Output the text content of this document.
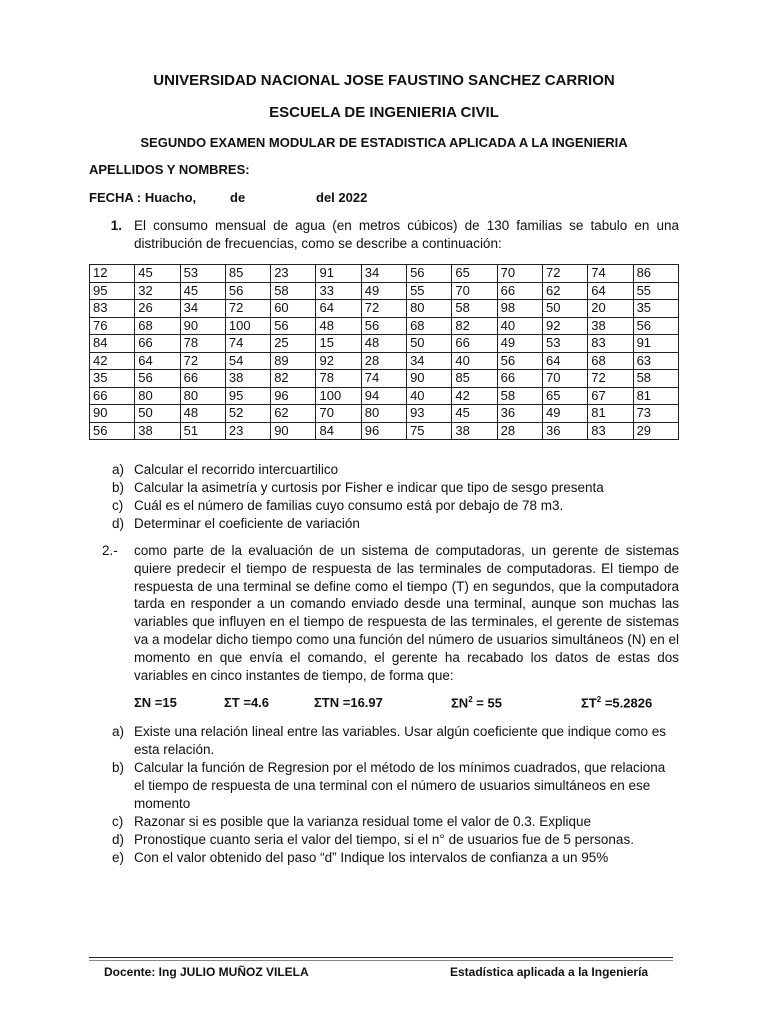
UNIVERSIDAD NACIONAL JOSE FAUSTINO SANCHEZ CARRION
ESCUELA DE INGENIERIA CIVIL
SEGUNDO EXAMEN MODULAR DE ESTADISTICA APLICADA A LA INGENIERIA
APELLIDOS Y NOMBRES:
FECHA : Huacho,	de	del 2022
1. El consumo mensual de agua (en metros cúbicos) de 130 familias se tabulo en una distribución de frecuencias, como se describe a continuación:
12	45	53	85	23	91	34	56	65	70	72	74	86
95	32	45	56	58	33	49	55	70	66	62	64	55
83	26	34	72	60	64	72	80	58	98	50	20	35
76	68	90	100	56	48	56	68	82	40	92	38	56
84	66	78	74	25	15	48	50	66	49	53	83	91
42	64	72	54	89	92	28	34	40	56	64	68	63
35	56	66	38	82	78	74	90	85	66	70	72	58
66	80	80	95	96	100	94	40	42	58	65	67	81
90	50	48	52	62	70	80	93	45	36	49	81	73
56	38	51	23	90	84	96	75	38	28	36	83	29
a) Calcular el recorrido intercuartilico
b) Calcular la asimetría y curtosis por Fisher e indicar que tipo de sesgo presenta
c) Cuál es el número de familias cuyo consumo está por debajo de 78 m3.
d) Determinar el coeficiente de variación
2.- como parte de la evaluación de un sistema de computadoras, un gerente de sistemas quiere predecir el tiempo de respuesta de las terminales de computadoras. El tiempo de respuesta de una terminal se define como el tiempo (T) en segundos, que la computadora tarda en responder a un comando enviado desde una terminal, aunque son muchas las variables que influyen en el tiempo de respuesta de las terminales, el gerente de sistemas va a modelar dicho tiempo como una función del número de usuarios simultáneos (N) en el momento en que envía el comando, el gerente ha recabado los datos de estas dos variables en cinco instantes de tiempo, de forma que:
ΣN =15	ΣT =4.6	ΣTN =16.97	$\Sigma N^2 = 55$	$\Sigma T^2 =5.2826$
a) Existe una relación lineal entre las variables. Usar algún coeficiente que indique como es esta relación.
b) Calcular la función de Regresion por el método de los mínimos cuadrados, que relaciona el tiempo de respuesta de una terminal con el número de usuarios simultáneos en ese momento
c) Razonar si es posible que la varianza residual tome el valor de 0.3. Explique
d) Pronostique cuanto seria el valor del tiempo, si el n° de usuarios fue de 5 personas.
e) Con el valor obtenido del paso “d” Indique los intervalos de confianza a un 95%
Docente: Ing JULIO MUÑOZ VILELA	Estadística aplicada a la Ingeniería
